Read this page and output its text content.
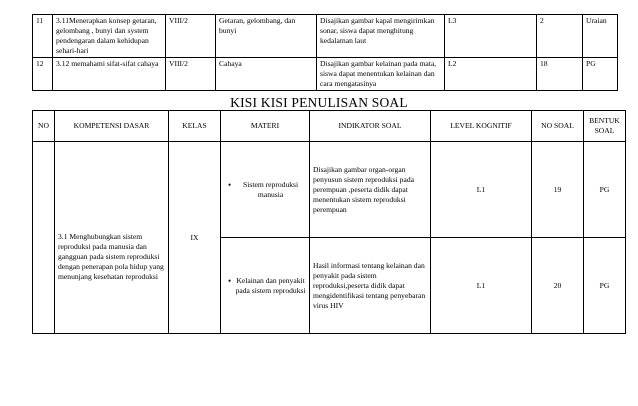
11	3.11Menerapkan konsep getaran, gelombang , bunyi dan system pendengaran dalam kehidupan sehari-hari	VIII/2	Getaran, gelombang, dan bunyi	Disajikan gambar kapal mengirimkan sonar, siswa dapat menghitung kedalaman laut	L3	2	Uraian
12	3.12 memahami sifat-sifat cahaya	VIII/2	Cahaya	Disajikan gambar kelainan pada mata, siswa dapat menentukan kelainan dan cara mengatasinya	L2	18	PG
KISI KISI PENULISAN SOAL
NO	KOMPETENSI DASAR	KELAS	MATERI	INDIKATOR SOAL	LEVEL KOGNITIF	NO SOAL	BENTUK SOAL
	3.1 Menghubungkan sistem reproduksi pada manusia dan gangguan pada sistem reproduksi dengan penerapan pola hidup yang menunjang kesehatan reproduksi	IX	• Sistem reproduksi manusia	Disajikan gambar organ-organ penyusun sistem reproduksi pada perempuan ,peserta didik dapat menentukan sistem reproduksi perempuan	L1	19	PG

			• Kelainan dan penyakit pada sistem reproduksi	Hasil informasi tentang kelainan dan penyakit pada sistem reproduksi,peserta didik dapat mengidentifikasi tentang penyebaran virus HIV	L1	20	PG
